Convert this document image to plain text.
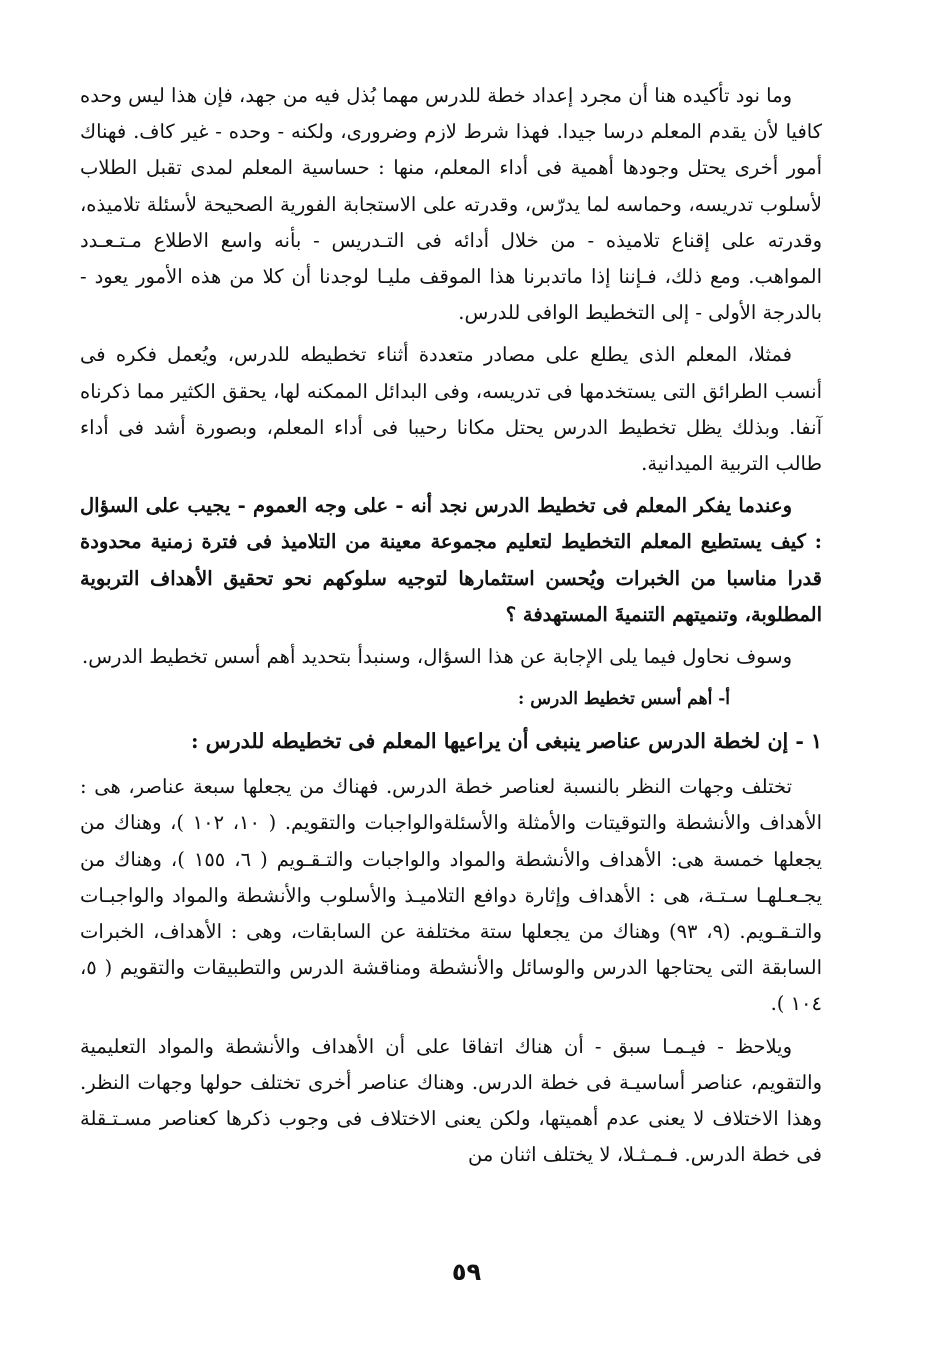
وما نود تأكيده هنا أن مجرد إعداد خطة للدرس مهما بُذل فيه من جهد، فإن هذا ليس وحده كافيا لأن يقدم المعلم درسا جيدا. فهذا شرط لازم وضرورى، ولكنه - وحده - غير كاف. فهناك أمور أخرى يحتل وجودها أهمية فى أداء المعلم، منها : حساسية المعلم لمدى تقبل الطلاب لأسلوب تدريسه، وحماسه لما يدرّس، وقدرته على الاستجابة الفورية الصحيحة لأسئلة تلاميذه، وقدرته على إقناع تلاميذه - من خلال أدائه فى التـدريس - بأنه واسع الاطلاع مـتـعـدد المواهب. ومع ذلك، فـإننا إذا ماتدبرنا هذا الموقف مليـا لوجدنا أن كلا من هذه الأمور يعود - بالدرجة الأولى - إلى التخطيط الوافى للدرس.

فمثلا، المعلم الذى يطلع على مصادر متعددة أثناء تخطيطه للدرس، ويُعمل فكره فى أنسب الطرائق التى يستخدمها فى تدريسه، وفى البدائل الممكنه لها، يحقق الكثير مما ذكرناه آنفا. وبذلك يظل تخطيط الدرس يحتل مكانا رحيبا فى أداء المعلم، وبصورة أشد فى أداء طالب التربية الميدانية.

وعندما يفكر المعلم فى تخطيط الدرس نجد أنه - على وجه العموم - يجيب على السؤال : كيف يستطيع المعلم التخطيط لتعليم مجموعة معينة من التلاميذ فى فترة زمنية محدودة قدرا مناسبا من الخبرات ويُحسن استثمارها لتوجيه سلوكهم نحو تحقيق الأهداف التربوية المطلوبة، وتنميتهم التنميةَ المستهدفة ؟

وسوف نحاول فيما يلى الإجابة عن هذا السؤال، وسنبدأ بتحديد أهم أسس تخطيط الدرس.

أ- أهم أسس تخطيط الدرس :

١ - إن لخطة الدرس عناصر ينبغى أن يراعيها المعلم فى تخطيطه للدرس :

تختلف وجهات النظر بالنسبة لعناصر خطة الدرس. فهناك من يجعلها سبعة عناصر، هى : الأهداف والأنشطة والتوقيتات والأمثلة والأسئلةوالواجبات والتقويم. ( ١٠، ١٠٢ )، وهناك من يجعلها خمسة هى: الأهداف والأنشطة والمواد والواجبات والتـقـويم ( ٦، ١٥٥ )، وهناك من يجـعـلهـا سـتـة، هى : الأهداف وإثارة دوافع التلاميـذ والأسلوب والأنشطة والمواد والواجبـات والتـقـويم. (٩، ٩٣) وهناك من يجعلها ستة مختلفة عن السابقات، وهى : الأهداف، الخبرات السابقة التى يحتاجها الدرس والوسائل والأنشطة ومناقشة الدرس والتطبيقات والتقويم ( ٥، ١٠٤ ).

ويلاحظ - فيـمـا سبق - أن هناك اتفاقا على أن الأهداف والأنشطة والمواد التعليمية والتقويم، عناصر أساسيـة فى خطة الدرس. وهناك عناصر أخرى تختلف حولها وجهات النظر. وهذا الاختلاف لا يعنى عدم أهميتها، ولكن يعنى الاختلاف فى وجوب ذكرها كعناصر مسـتـقلة فى خطة الدرس. فـمـثـلا، لا يختلف اثنان من

٥٩
